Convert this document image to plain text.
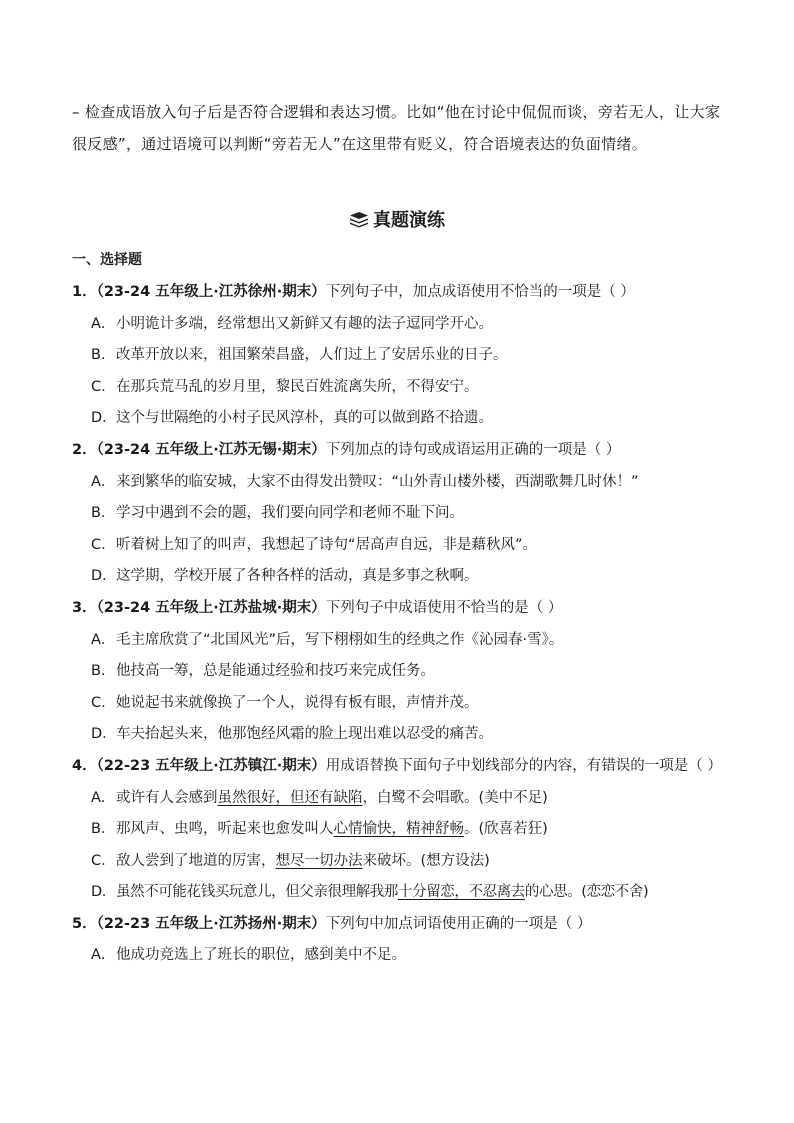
– 检查成语放入句子后是否符合逻辑和表达习惯。比如“他在讨论中侃侃而谈，旁若无人，让大家很反感”，通过语境可以判断“旁若无人”在这里带有贬义，符合语境表达的负面情绪。

真题演练
一、选择题
1．（23-24 五年级上·江苏徐州·期末）下列句子中，加点成语使用不恰当的一项是（ ）
A．小明诡计多端，经常想出又新鲜又有趣的法子逗同学开心。
B．改革开放以来，祖国繁荣昌盛，人们过上了安居乐业的日子。
C．在那兵荒马乱的岁月里，黎民百姓流离失所，不得安宁。
D．这个与世隔绝的小村子民风淳朴，真的可以做到路不拾遗。
2．（23-24 五年级上·江苏无锡·期末）下列加点的诗句或成语运用正确的一项是（ ）
A．来到繁华的临安城，大家不由得发出赞叹：“山外青山楼外楼，西湖歌舞几时休！”
B．学习中遇到不会的题，我们要向同学和老师不耻下问。
C．听着树上知了的叫声，我想起了诗句“居高声自远，非是藉秋风”。
D．这学期，学校开展了各种各样的活动，真是多事之秋啊。
3．（23-24 五年级上·江苏盐城·期末）下列句子中成语使用不恰当的是（ ）
A．毛主席欣赏了“北国风光”后，写下栩栩如生的经典之作《沁园春·雪》。
B．他技高一筹，总是能通过经验和技巧来完成任务。
C．她说起书来就像换了一个人，说得有板有眼，声情并茂。
D．车夫抬起头来，他那饱经风霜的脸上现出难以忍受的痛苦。
4．（22-23 五年级上·江苏镇江·期末）用成语替换下面句子中划线部分的内容，有错误的一项是（ ）
A．或许有人会感到虽然很好，但还有缺陷，白鹭不会唱歌。(美中不足)
B．那风声、虫鸣，听起来也愈发叫人心情愉快，精神舒畅。(欣喜若狂)
C．敌人尝到了地道的厉害，想尽一切办法来破坏。(想方设法)
D．虽然不可能花钱买玩意儿，但父亲很理解我那十分留恋，不忍离去的心思。(恋恋不舍)
5．（22-23 五年级上·江苏扬州·期末）下列句中加点词语使用正确的一项是（ ）
A．他成功竞选上了班长的职位，感到美中不足。
